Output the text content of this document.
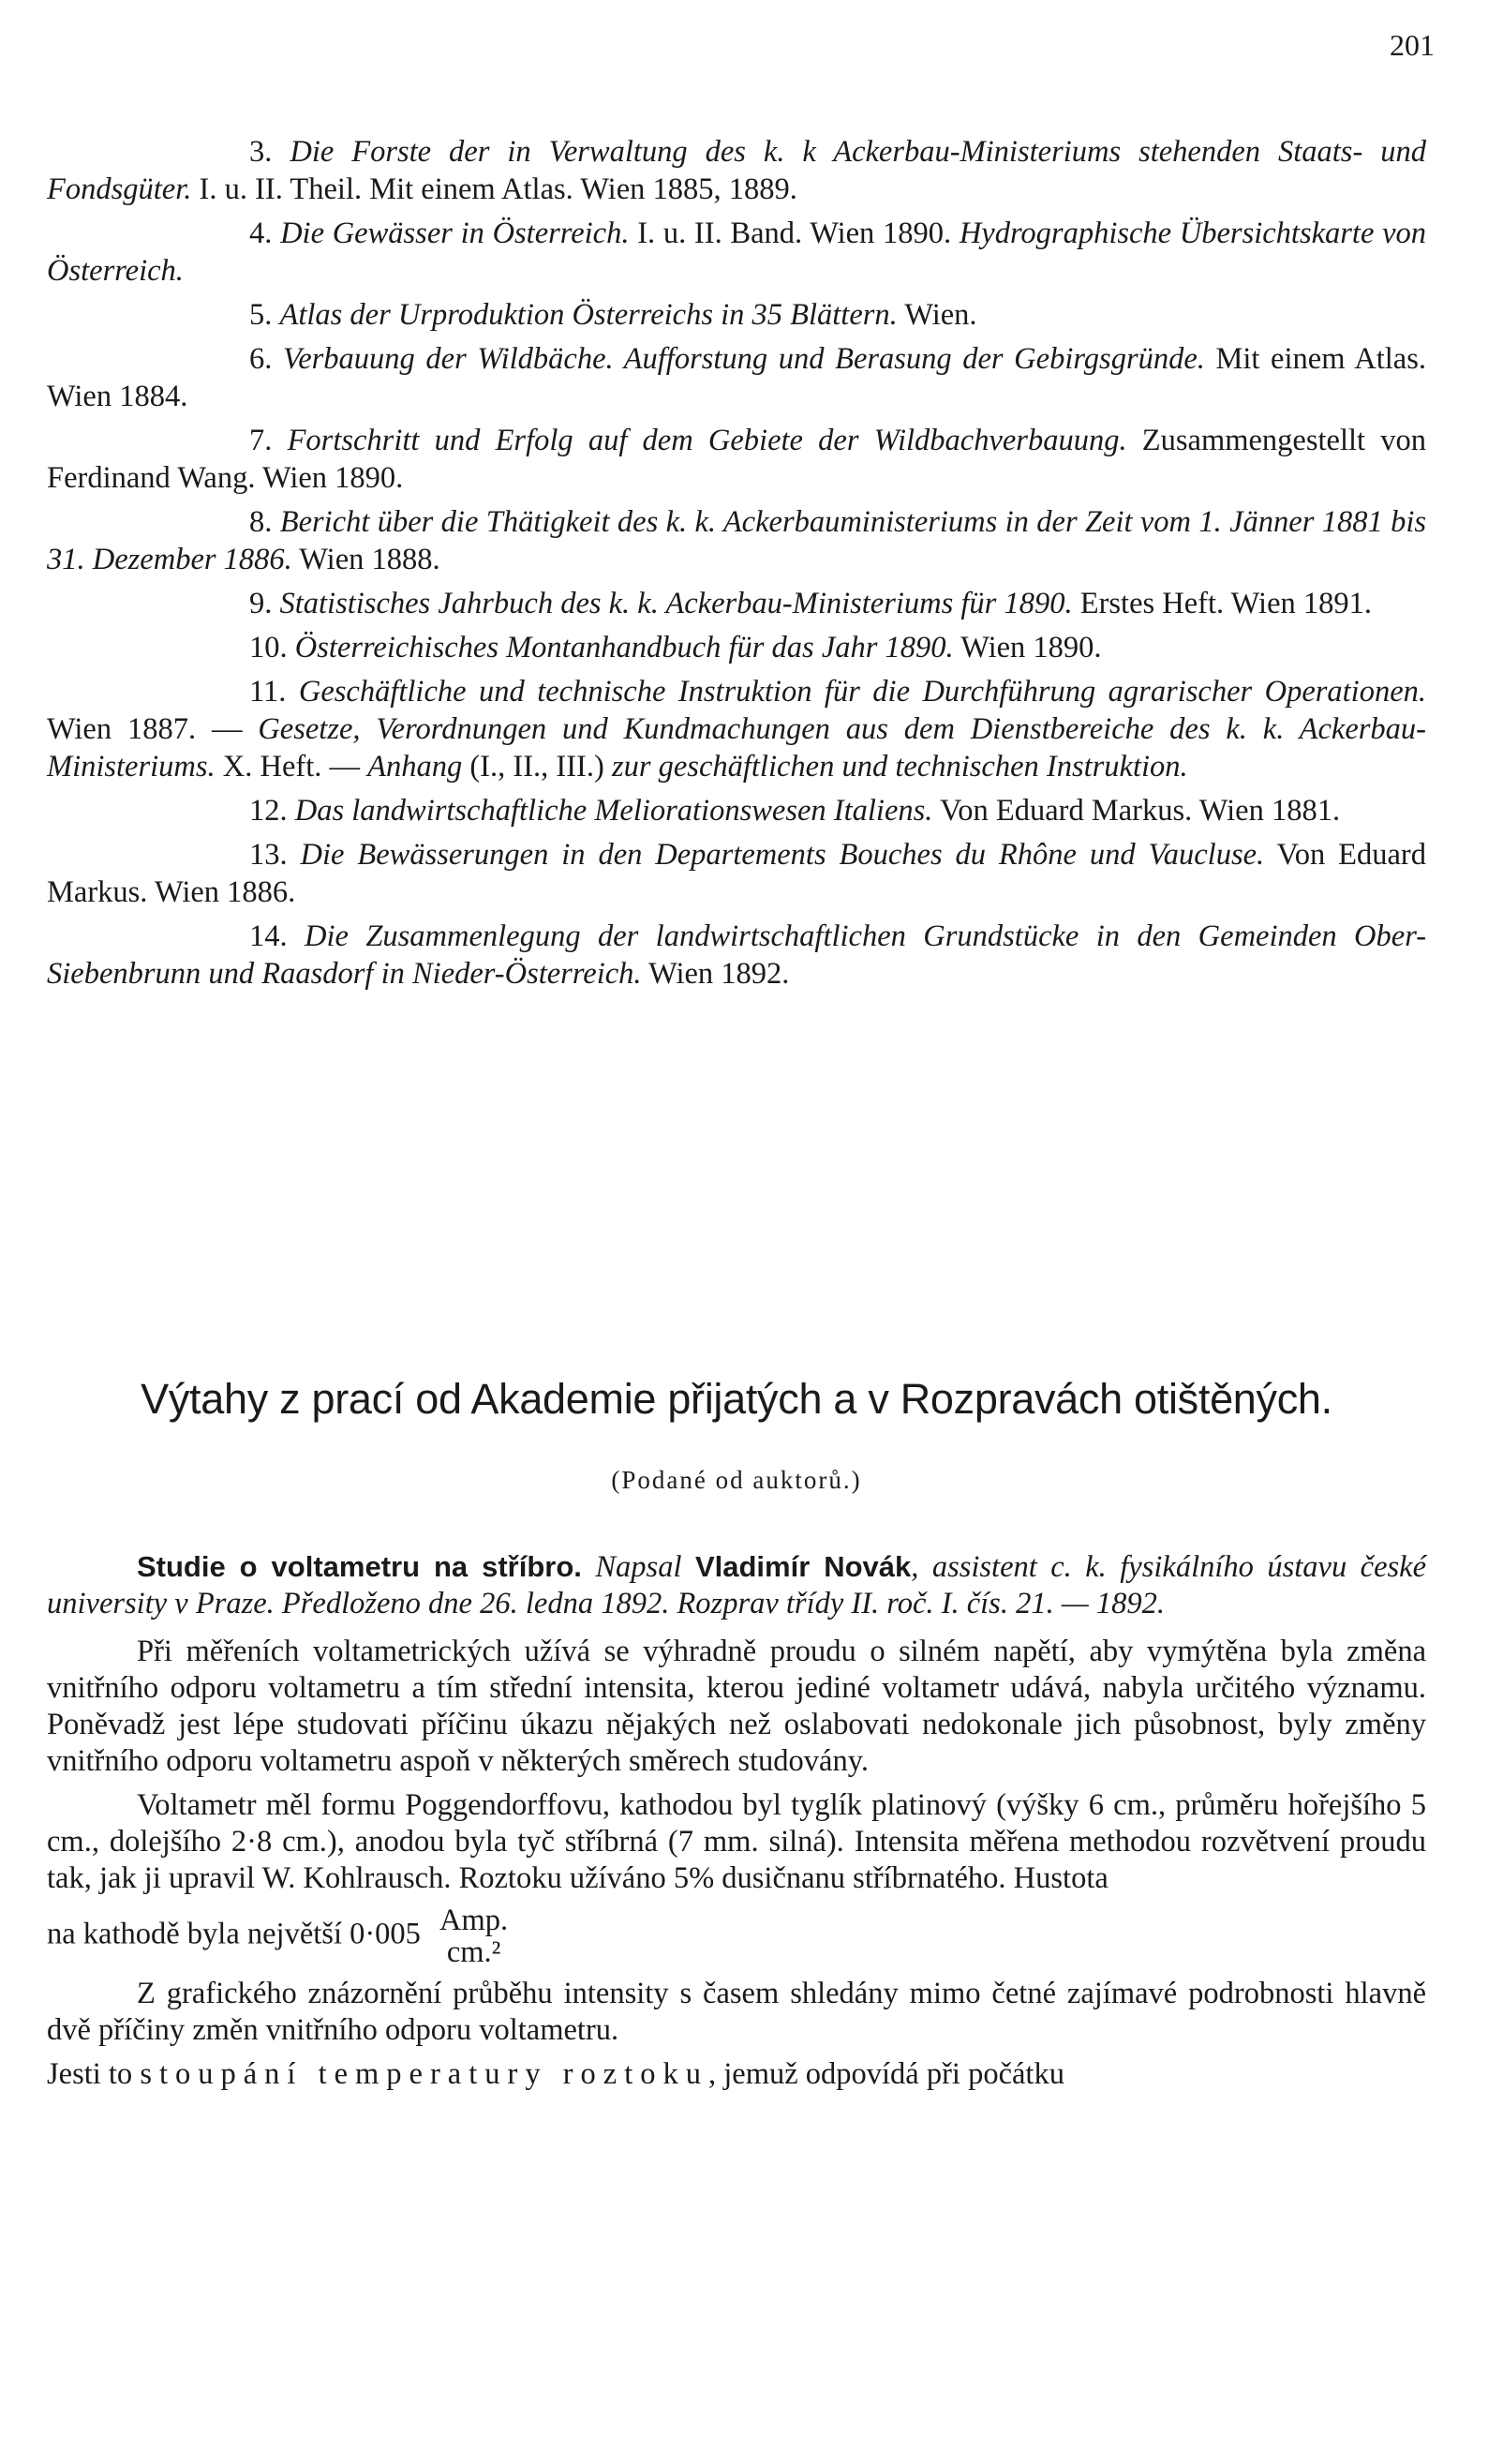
201

3. Die Forste der in Verwaltung des k. k Ackerbau-Ministeriums stehenden Staats- und Fondsgüter. I. u. II. Theil. Mit einem Atlas. Wien 1885, 1889.

4. Die Gewässer in Österreich. I. u. II. Band. Wien 1890. Hydrographische Übersichtskarte von Österreich.

5. Atlas der Urproduktion Österreichs in 35 Blättern. Wien.

6. Verbauung der Wildbäche. Aufforstung und Berasung der Gebirgsgründe. Mit einem Atlas. Wien 1884.

7. Fortschritt und Erfolg auf dem Gebiete der Wildbachverbauung. Zusammengestellt von Ferdinand Wang. Wien 1890.

8. Bericht über die Thätigkeit des k. k. Ackerbauministeriums in der Zeit vom 1. Jänner 1881 bis 31. Dezember 1886. Wien 1888.

9. Statistisches Jahrbuch des k. k. Ackerbau-Ministeriums für 1890. Erstes Heft. Wien 1891.

10. Österreichisches Montanhandbuch für das Jahr 1890. Wien 1890.

11. Geschäftliche und technische Instruktion für die Durchführung agrarischer Operationen. Wien 1887. — Gesetze, Verordnungen und Kundmachungen aus dem Dienstbereiche des k. k. Ackerbau-Ministeriums. X. Heft. — Anhang (I., II., III.) zur geschäftlichen und technischen Instruktion.

12. Das landwirtschaftliche Meliorationswesen Italiens. Von Eduard Markus. Wien 1881.

13. Die Bewässerungen in den Departements Bouches du Rhône und Vaucluse. Von Eduard Markus. Wien 1886.

14. Die Zusammenlegung der landwirtschaftlichen Grundstücke in den Gemeinden Ober-Siebenbrunn und Raasdorf in Nieder-Österreich. Wien 1892.

Výtahy z prací od Akademie přijatých a v Rozpravách otištěných.
(Podané od auktorů.)

Studie o voltametru na stříbro. Napsal Vladimír Novák, assistent c. k. fysikálního ústavu české university v Praze. Předloženo dne 26. ledna 1892. Rozprav třídy II. roč. I. čís. 21. — 1892.

Při měřeních voltametrických užívá se výhradně proudu o silném napětí, aby vymýtěna byla změna vnitřního odporu voltametru a tím střední intensita, kterou jediné voltametr udává, nabyla určitého významu. Poněvadž jest lépe studovati příčinu úkazu nějakých než oslabovati nedokonale jich působnost, byly změny vnitřního odporu voltametru aspoň v některých směrech studovány.

Voltametr měl formu Poggendorffovu, kathodou byl tyglík platinový (výšky 6 cm., průměru hořejšího 5 cm., dolejšího 2·8 cm.), anodou byla tyč stříbrná (7 mm. silná). Intensita měřena methodou rozvětvení proudu tak, jak ji upravil W. Kohlrausch. Roztoku užíváno 5% dusičnanu stříbrnatého. Hustota

na kathodě byla největší 0·005 Amp.
cm.²

Z grafického znázornění průběhu intensity s časem shledány mimo četné zajímavé podrobnosti hlavně dvě příčiny změn vnitřního odporu voltametru.

Jesti to stoupání temperatury roztoku, jemuž odpovídá při počátku
